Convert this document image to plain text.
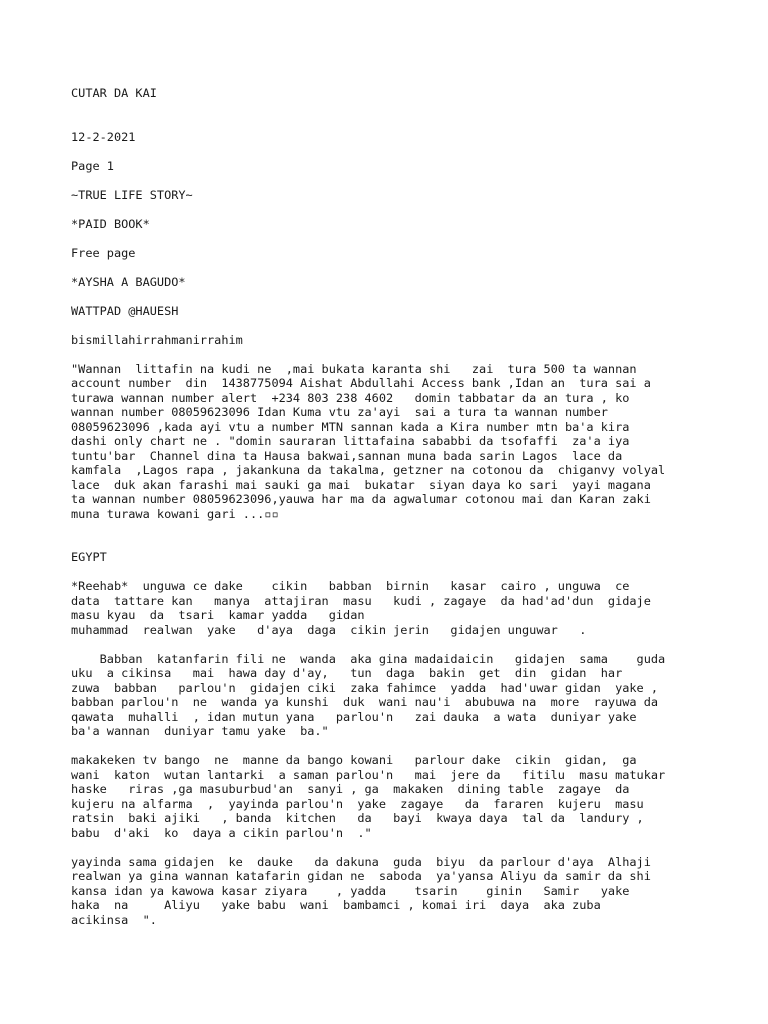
CUTAR DA KAI
12-2-2021
Page 1
~TRUE LIFE STORY~
*PAID BOOK*
Free page
*AYSHA A BAGUDO*
WATTPAD @HAUESH
bismillahirrahmanirrahim
"Wannan  littafin na kudi ne  ,mai bukata karanta shi   zai  tura 500 ta wannan
account number  din  1438775094 Aishat Abdullahi Access bank ,Idan an  tura sai a
turawa wannan number alert  +234 803 238 4602   domin tabbatar da an tura , ko
wannan number 08059623096 Idan Kuma vtu za'ayi  sai a tura ta wannan number
08059623096 ,kada ayi vtu a number MTN sannan kada a Kira number mtn ba'a kira
dashi only chart ne . "domin sauraran littafaina sababbi da tsofaffi  za'a iya
tuntu'bar  Channel dina ta Hausa bakwai,sannan muna bada sarin Lagos  lace da
kamfala  ,Lagos rapa , jakankuna da takalma, getzner na cotonou da  chiganvy volyal
lace  duk akan farashi mai sauki ga mai  bukatar  siyan daya ko sari  yayi magana
ta wannan number 08059623096,yauwa har ma da agwalumar cotonou mai dan Karan zaki
muna turawa kowani gari ...▫▫
EGYPT
*Reehab*  unguwa ce dake    cikin   babban  birnin   kasar  cairo , unguwa  ce
data  tattare kan   manya  attajiran  masu   kudi , zagaye  da had'ad'dun  gidaje
masu kyau  da  tsari  kamar yadda   gidan
muhammad  realwan  yake   d'aya  daga  cikin jerin   gidajen unguwar   .
Babban  katanfarin fili ne  wanda  aka gina madaidaicin   gidajen  sama    guda
uku  a cikinsa   mai  hawa day d'ay,   tun  daga  bakin  get  din  gidan  har
zuwa  babban   parlou'n  gidajen ciki  zaka fahimce  yadda  had'uwar gidan  yake ,
babban parlou'n  ne  wanda ya kunshi  duk  wani nau'i  abubuwa na  more  rayuwa da
qawata  muhalli  , idan mutun yana   parlou'n   zai dauka  a wata  duniyar yake
ba'a wannan  duniyar tamu yake  ba."
makakeken tv bango  ne  manne da bango kowani   parlour dake  cikin  gidan,  ga
wani  katon  wutan lantarki  a saman parlou'n   mai  jere da   fitilu  masu matukar
haske   riras ,ga masuburbud'an  sanyi , ga  makaken  dining table  zagaye  da
kujeru na alfarma  ,  yayinda parlou'n  yake  zagaye   da  fararen  kujeru  masu
ratsin  baki ajiki   , banda  kitchen   da   bayi  kwaya daya  tal da  landury ,
babu  d'aki  ko  daya a cikin parlou'n  ."
yayinda sama gidajen  ke  dauke   da dakuna  guda  biyu  da parlour d'aya  Alhaji
realwan ya gina wannan katafarin gidan ne  saboda  ya'yansa Aliyu da samir da shi
kansa idan ya kawowa kasar ziyara    , yadda    tsarin    ginin   Samir   yake
haka  na     Aliyu   yake babu  wani  bambamci , komai iri  daya  aka zuba
acikinsa  ".
